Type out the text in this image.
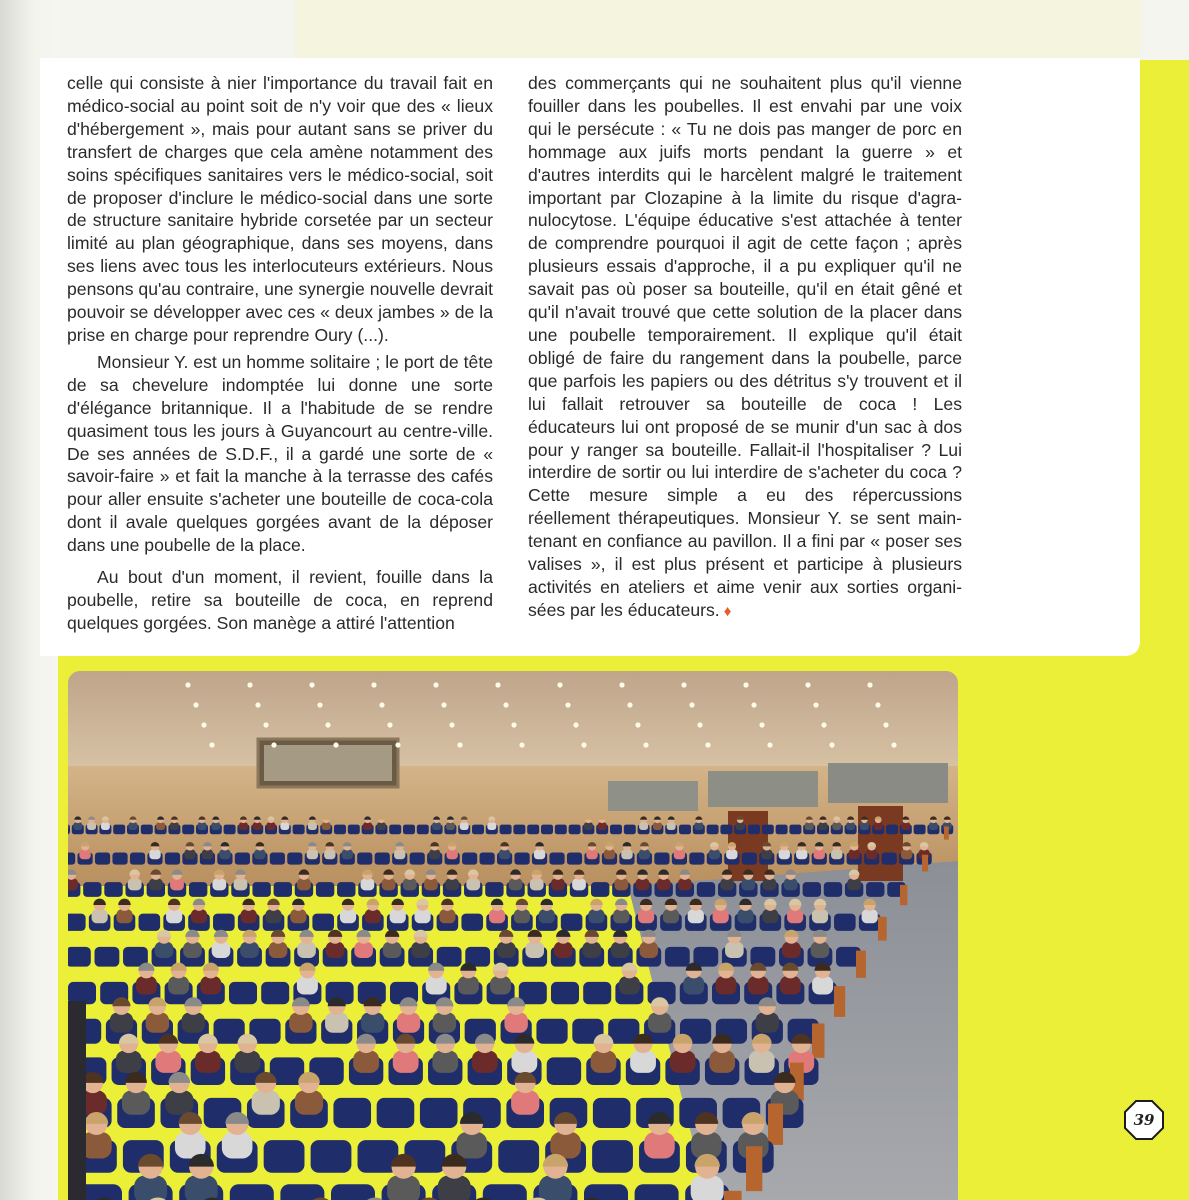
celle qui consiste à nier l'importance du travail fait en médico-social au point soit de n'y voir que des « lieux d'hébergement », mais pour autant sans se priver du transfert de charges que cela amène notamment des soins spécifiques sanitaires vers le médico-social, soit de proposer d'inclure le médico-social dans une sorte de structure sanitaire hybride corsetée par un secteur limité au plan géographique, dans ses moyens, dans ses liens avec tous les interlocuteurs extérieurs. Nous pensons qu'au contraire, une synergie nouvelle devrait pouvoir se développer avec ces « deux jambes » de la prise en charge pour reprendre Oury (...).

Monsieur Y. est un homme solitaire ; le port de tête de sa chevelure indomptée lui donne une sorte d'élégance britannique. Il a l'habitude de se rendre quasiment tous les jours à Guyancourt au centre-ville. De ses années de S.D.F., il a gardé une sorte de « savoir-faire » et fait la manche à la terrasse des cafés pour aller ensuite s'acheter une bouteille de coca-cola dont il avale quelques gorgées avant de la déposer dans une poubelle de la place.

Au bout d'un moment, il revient, fouille dans la poubelle, retire sa bouteille de coca, en reprend quelques gorgées. Son manège a attiré l'attention

des commerçants qui ne souhaitent plus qu'il vienne fouiller dans les poubelles. Il est envahi par une voix qui le persécute : « Tu ne dois pas manger de porc en hommage aux juifs morts pendant la guerre » et d'autres interdits qui le harcèlent malgré le traitement important par Clozapine à la limite du risque d'agra-nulocytose. L'équipe éducative s'est attachée à tenter de comprendre pourquoi il agit de cette façon ; après plusieurs essais d'approche, il a pu expliquer qu'il ne savait pas où poser sa bouteille, qu'il en était gêné et qu'il n'avait trouvé que cette solution de la placer dans une poubelle temporairement. Il explique qu'il était obligé de faire du rangement dans la poubelle, parce que parfois les papiers ou des détritus s'y trouvent et il lui fallait retrouver sa bouteille de coca ! Les éducateurs lui ont proposé de se munir d'un sac à dos pour y ranger sa bouteille. Fallait-il l'hospitaliser ? Lui interdire de sortir ou lui interdire de s'acheter du coca ? Cette mesure simple a eu des répercussions réellement thérapeutiques. Monsieur Y. se sent main-tenant en confiance au pavillon. Il a fini par « poser ses valises », il est plus présent et participe à plusieurs activités en ateliers et aime venir aux sorties organi-sées par les éducateurs. ♦

39
